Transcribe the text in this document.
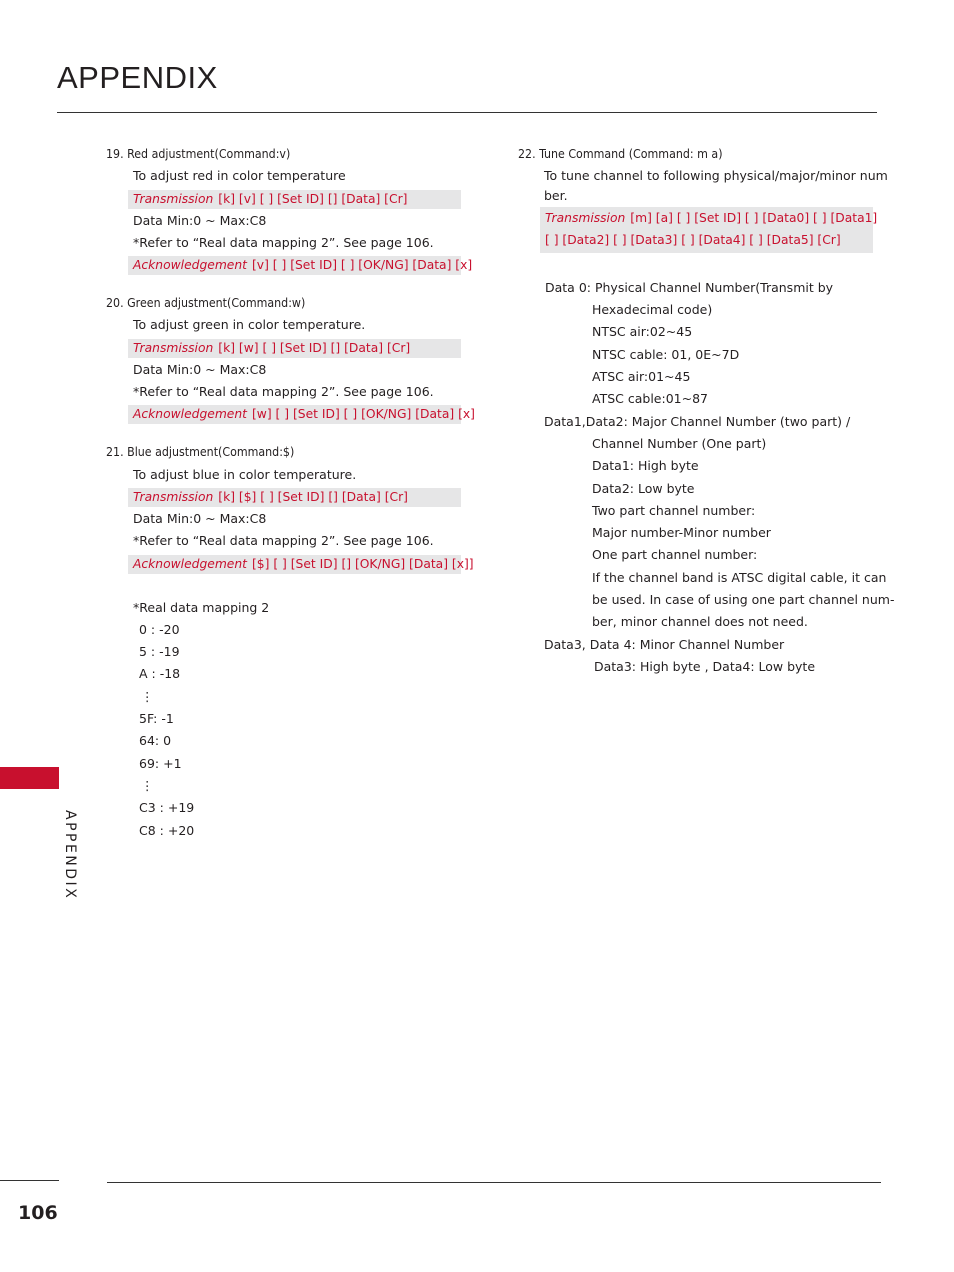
APPENDIX
19. Red adjustment(Command:v)
To adjust red in color temperature
Transmission [k] [v] [ ] [Set ID] [] [Data] [Cr]
Data Min:0 ~ Max:C8
*Refer to “Real data mapping 2”. See page 106.
Acknowledgement [v] [ ] [Set ID] [ ] [OK/NG] [Data] [x]
20. Green adjustment(Command:w)
To adjust green in color temperature.
Transmission [k] [w] [ ] [Set ID] [] [Data] [Cr]
Data Min:0 ~ Max:C8
*Refer to “Real data mapping 2”. See page 106.
Acknowledgement [w] [ ] [Set ID] [ ] [OK/NG] [Data] [x]
21. Blue adjustment(Command:$)
To adjust blue in color temperature.
Transmission [k] [$] [ ] [Set ID] [] [Data] [Cr]
Data Min:0 ~ Max:C8
*Refer to “Real data mapping 2”. See page 106.
Acknowledgement [$] [ ] [Set ID] [] [OK/NG] [Data] [x]]
*Real data mapping 2
0 : -20
5 : -19
A : -18
⋮
5F: -1
64: 0
69: +1
⋮
C3 : +19
C8 : +20
22. Tune Command (Command: m a)
To tune channel to following physical/major/minor num
ber.
Transmission [m] [a] [ ] [Set ID] [ ] [Data0] [ ] [Data1]
[ ] [Data2] [ ] [Data3] [ ] [Data4] [ ] [Data5] [Cr]
Data 0: Physical Channel Number(Transmit by
Hexadecimal code)
NTSC air:02~45
NTSC cable: 01, 0E~7D
ATSC air:01~45
ATSC cable:01~87
Data1,Data2: Major Channel Number (two part) /
Channel Number (One part)
Data1: High byte
Data2: Low byte
Two part channel number:
Major number-Minor number
One part channel number:
If the channel band is ATSC digital cable, it can
be used. In case of using one part channel num-
ber, minor channel does not need.
Data3, Data 4: Minor Channel Number
Data3: High byte , Data4: Low byte
APPENDIX
106
